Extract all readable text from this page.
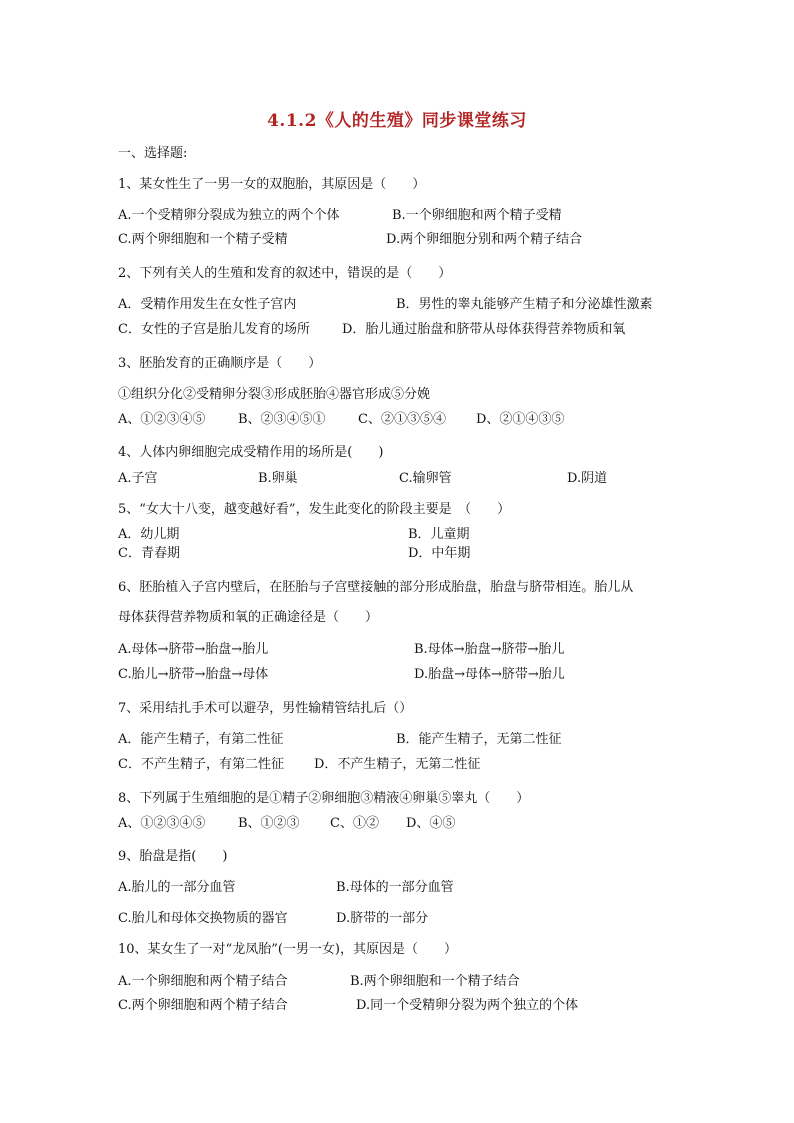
4.1.2《人的生殖》同步课堂练习
一、选择题:
1、某女性生了一男一女的双胞胎，其原因是（　　）
A.一个受精卵分裂成为独立的两个个体	B.一个卵细胞和两个精子受精
C.两个卵细胞和一个精子受精	D.两个卵细胞分别和两个精子结合
2、下列有关人的生殖和发育的叙述中，错误的是（　　）
A．受精作用发生在女性子宫内	B．男性的睾丸能够产生精子和分泌雄性激素
C．女性的子宫是胎儿发育的场所 D．胎儿通过胎盘和脐带从母体获得营养物质和氧
3、胚胎发育的正确顺序是（　　）
①组织分化②受精卵分裂③形成胚胎④器官形成⑤分娩
A、①②③④⑤	B、②③④⑤① C、②①③⑤④ D、②①④③⑤
4、人体内卵细胞完成受精作用的场所是(　　)
A.子宫	B.卵巢	C.输卵管	D.阴道
5、“女大十八变，越变越好看”，发生此变化的阶段主要是　（　　）
A．幼儿期	B．儿童期
C．青春期	D．中年期
6、胚胎植入子宫内壁后，在胚胎与子宫壁接触的部分形成胎盘，胎盘与脐带相连。胎儿从
母体获得营养物质和氧的正确途径是（　　）
A.母体→脐带→胎盘→胎儿	B.母体→胎盘→脐带→胎儿
C.胎儿→脐带→胎盘→母体	D.胎盘→母体→脐带→胎儿
7、采用结扎手术可以避孕，男性输精管结扎后（）
A．能产生精子，有第二性征	B．能产生精子，无第二性征
C．不产生精子，有第二性征 D．不产生精子，无第二性征
8、下列属于生殖细胞的是①精子②卵细胞③精液④卵巢⑤睾丸（　　）
A、①②③④⑤	B、①②③ C、①② D、④⑤
9、胎盘是指(　　)
A.胎儿的一部分血管	B.母体的一部分血管
C.胎儿和母体交换物质的器官	D.脐带的一部分
10、某女生了一对“龙凤胎”(一男一女)，其原因是（　　）
A.一个卵细胞和两个精子结合	B.两个卵细胞和一个精子结合
C.两个卵细胞和两个精子结合	D.同一个受精卵分裂为两个独立的个体
